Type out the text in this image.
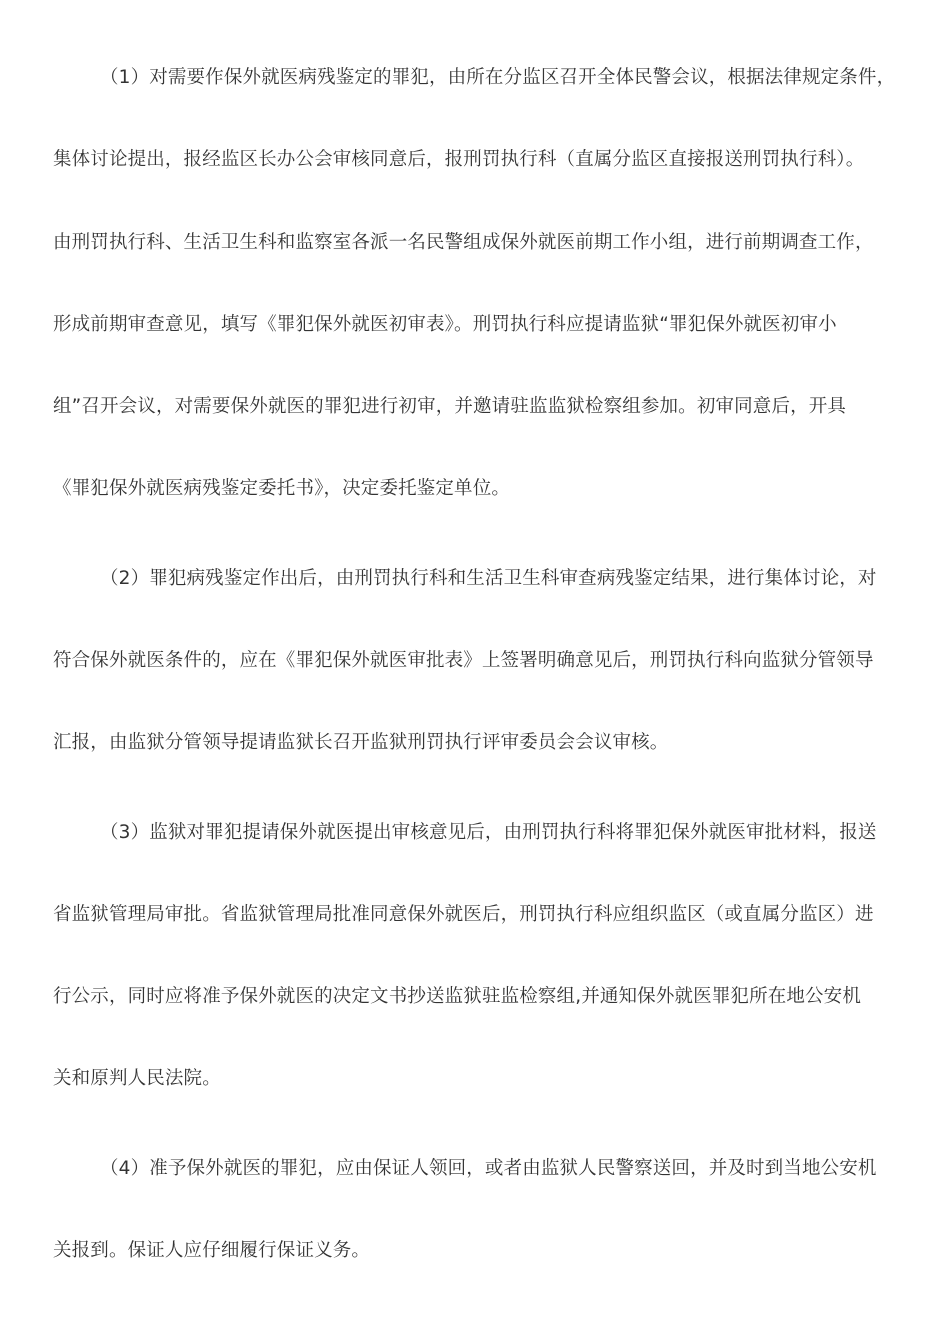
（1）对需要作保外就医病残鉴定的罪犯，由所在分监区召开全体民警会议，根据法律规定条件，
集体讨论提出，报经监区长办公会审核同意后，报刑罚执行科（直属分监区直接报送刑罚执行科）。
由刑罚执行科、生活卫生科和监察室各派一名民警组成保外就医前期工作小组，进行前期调查工作，
形成前期审查意见，填写《罪犯保外就医初审表》。刑罚执行科应提请监狱“罪犯保外就医初审小
组”召开会议，对需要保外就医的罪犯进行初审，并邀请驻监监狱检察组参加。初审同意后，开具
《罪犯保外就医病残鉴定委托书》，决定委托鉴定单位。
（2）罪犯病残鉴定作出后，由刑罚执行科和生活卫生科审查病残鉴定结果，进行集体讨论，对
符合保外就医条件的，应在《罪犯保外就医审批表》上签署明确意见后，刑罚执行科向监狱分管领导
汇报，由监狱分管领导提请监狱长召开监狱刑罚执行评审委员会会议审核。
（3）监狱对罪犯提请保外就医提出审核意见后，由刑罚执行科将罪犯保外就医审批材料，报送
省监狱管理局审批。省监狱管理局批准同意保外就医后，刑罚执行科应组织监区（或直属分监区）进
行公示，同时应将准予保外就医的决定文书抄送监狱驻监检察组,并通知保外就医罪犯所在地公安机
关和原判人民法院。
（4）准予保外就医的罪犯，应由保证人领回，或者由监狱人民警察送回，并及时到当地公安机
关报到。保证人应仔细履行保证义务。
